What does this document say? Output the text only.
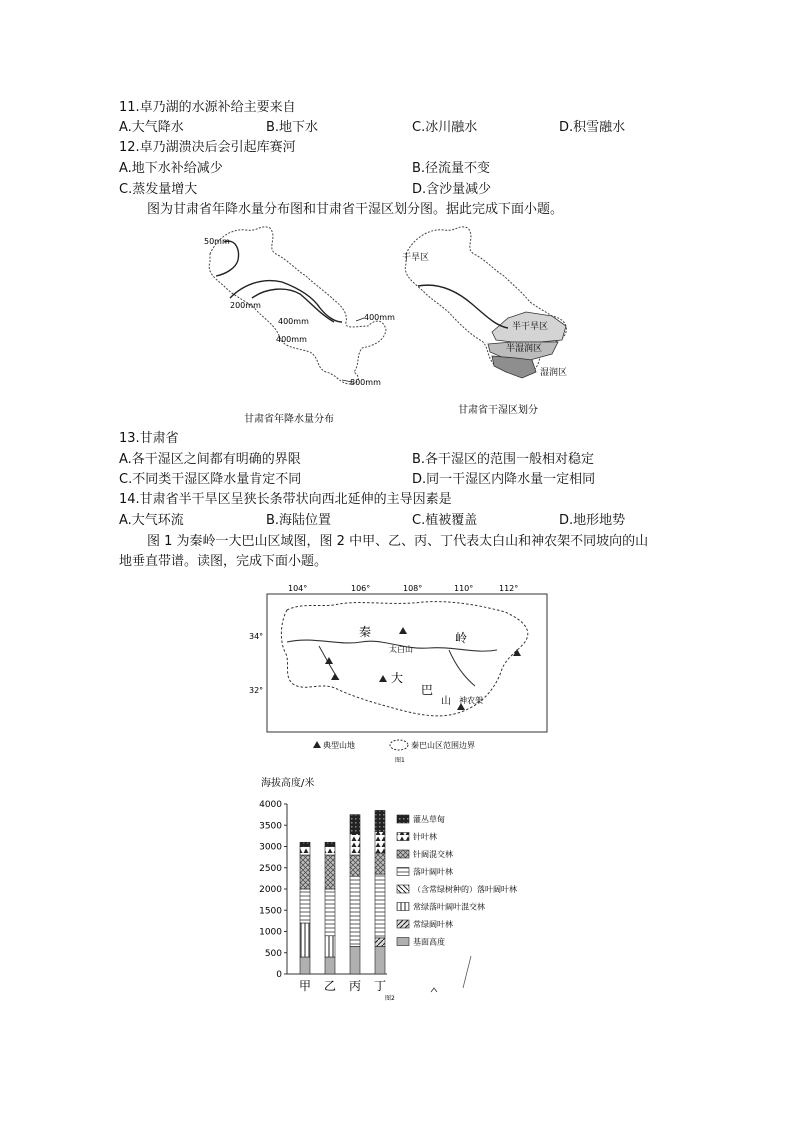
11.卓乃湖的水源补给主要来自
A.大气降水	B.地下水	C.冰川融水	D.积雪融水
12.卓乃湖溃决后会引起库赛河
A.地下水补给减少	B.径流量不变
C.蒸发量增大	D.含沙量减少
图为甘肃省年降水量分布图和甘肃省干湿区划分图。据此完成下面小题。
50mm
200mm
400mm
400mm
400mm
800mm
甘肃省年降水量分布
干旱区
半干旱区
半湿润区
湿润区
甘肃省干湿区划分
13.甘肃省
A.各干湿区之间都有明确的界限	B.各干湿区的范围一般相对稳定
C.不同类干湿区降水量肯定不同	D.同一干湿区内降水量一定相同
14.甘肃省半干旱区呈狭长条带状向西北延伸的主导因素是
A.大气环流	B.海陆位置	C.植被覆盖	D.地形地势
图 1 为秦岭一大巴山区域图，图 2 中甲、乙、丙、丁代表太白山和神农架不同坡向的山
地垂直带谱。读图，完成下面小题。
104°	106°	108°	110°	112°
34°
32°
秦	岭
太白山
大
巴
山 神农架
典型山地	秦巴山区范围边界
图1
海拔高度/米
0
500
1000
1500
2000
2500
3000
3500
4000
甲 乙 丙 丁
灌丛草甸
针叶林
针阔混交林
落叶阔叶林
（含常绿树种的）落叶阔叶林
常绿落叶阔叶混交林
常绿阔叶林
基面高度
图2
